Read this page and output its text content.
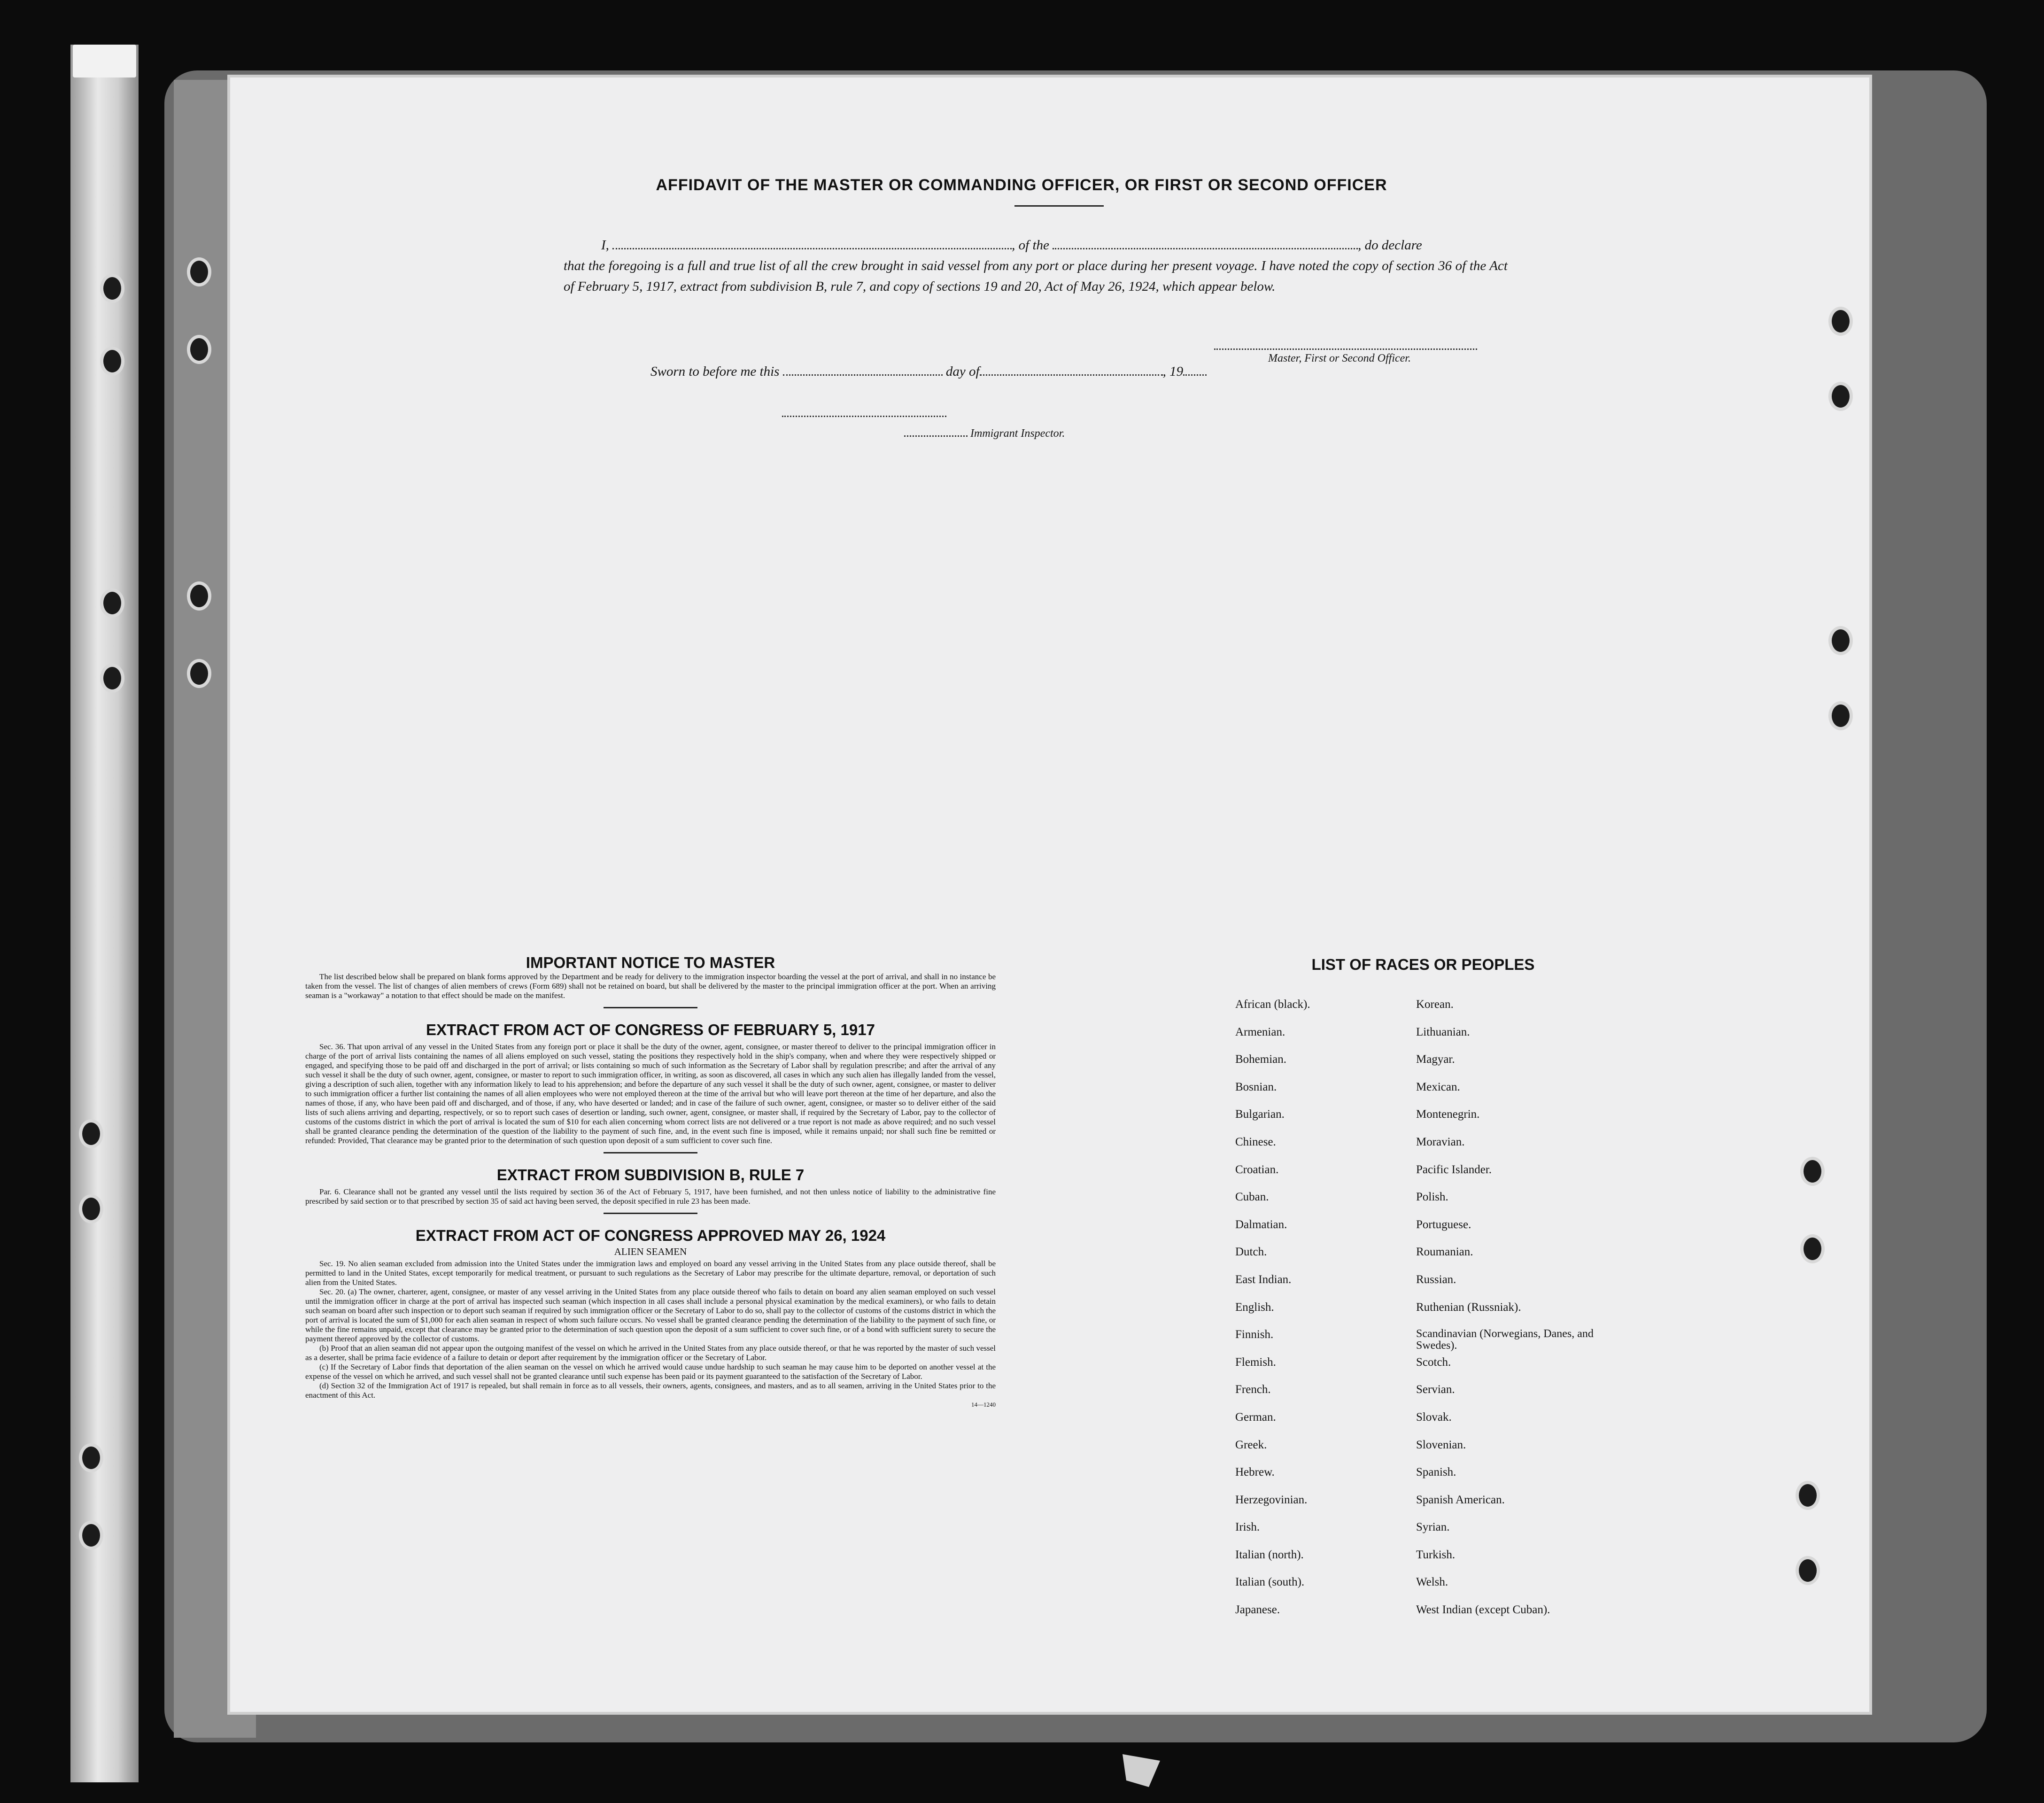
AFFIDAVIT OF THE MASTER OR COMMANDING OFFICER, OR FIRST OR SECOND OFFICER
I,	, of the	, do declare
that the foregoing is a full and true list of all the crew brought in said vessel from any port or place during her present voyage. I have noted the copy of section 36 of the Act of February 5, 1917, extract from subdivision B, rule 7, and copy of sections 19 and 20, Act of May 26, 1924, which appear below.
Master, First or Second Officer.
Sworn to before me this	day of	, 19
Immigrant Inspector.
IMPORTANT NOTICE TO MASTER

The list described below shall be prepared on blank forms approved by the Department and be ready for delivery to the immigration inspector boarding the vessel at the port of arrival, and shall in no instance be taken from the vessel. The list of changes of alien members of crews (Form 689) shall not be retained on board, but shall be delivered by the master to the principal immigration officer at the port. When an arriving seaman is a "workaway" a notation to that effect should be made on the manifest.

EXTRACT FROM ACT OF CONGRESS OF FEBRUARY 5, 1917

Sec. 36. That upon arrival of any vessel in the United States from any foreign port or place it shall be the duty of the owner, agent, consignee, or master thereof to deliver to the principal immigration officer in charge of the port of arrival lists containing the names of all aliens employed on such vessel, stating the positions they respectively hold in the ship's company, when and where they were respectively shipped or engaged, and specifying those to be paid off and discharged in the port of arrival; or lists containing so much of such information as the Secretary of Labor shall by regulation prescribe; and after the arrival of any such vessel it shall be the duty of such owner, agent, consignee, or master to report to such immigration officer, in writing, as soon as discovered, all cases in which any such alien has illegally landed from the vessel, giving a description of such alien, together with any information likely to lead to his apprehension; and before the departure of any such vessel it shall be the duty of such owner, agent, consignee, or master to deliver to such immigration officer a further list containing the names of all alien employees who were not employed thereon at the time of the arrival but who will leave port thereon at the time of her departure, and also the names of those, if any, who have been paid off and discharged, and of those, if any, who have deserted or landed; and in case of the failure of such owner, agent, consignee, or master so to deliver either of the said lists of such aliens arriving and departing, respectively, or so to report such cases of desertion or landing, such owner, agent, consignee, or master shall, if required by the Secretary of Labor, pay to the collector of customs of the customs district in which the port of arrival is located the sum of $10 for each alien concerning whom correct lists are not delivered or a true report is not made as above required; and no such vessel shall be granted clearance pending the determination of the question of the liability to the payment of such fine, and, in the event such fine is imposed, while it remains unpaid; nor shall such fine be remitted or refunded: Provided, That clearance may be granted prior to the determination of such question upon deposit of a sum sufficient to cover such fine.

EXTRACT FROM SUBDIVISION B, RULE 7

Par. 6. Clearance shall not be granted any vessel until the lists required by section 36 of the Act of February 5, 1917, have been furnished, and not then unless notice of liability to the administrative fine prescribed by said section or to that prescribed by section 35 of said act having been served, the deposit specified in rule 23 has been made.

EXTRACT FROM ACT OF CONGRESS APPROVED MAY 26, 1924
ALIEN SEAMEN

Sec. 19. No alien seaman excluded from admission into the United States under the immigration laws and employed on board any vessel arriving in the United States from any place outside thereof, shall be permitted to land in the United States, except temporarily for medical treatment, or pursuant to such regulations as the Secretary of Labor may prescribe for the ultimate departure, removal, or deportation of such alien from the United States.

Sec. 20. (a) The owner, charterer, agent, consignee, or master of any vessel arriving in the United States from any place outside thereof who fails to detain on board any alien seaman employed on such vessel until the immigration officer in charge at the port of arrival has inspected such seaman (which inspection in all cases shall include a personal physical examination by the medical examiners), or who fails to detain such seaman on board after such inspection or to deport such seaman if required by such immigration officer or the Secretary of Labor to do so, shall pay to the collector of customs of the customs district in which the port of arrival is located the sum of $1,000 for each alien seaman in respect of whom such failure occurs. No vessel shall be granted clearance pending the determination of the liability to the payment of such fine, or while the fine remains unpaid, except that clearance may be granted prior to the determination of such question upon the deposit of a sum sufficient to cover such fine, or of a bond with sufficient surety to secure the payment thereof approved by the collector of customs.

(b) Proof that an alien seaman did not appear upon the outgoing manifest of the vessel on which he arrived in the United States from any place outside thereof, or that he was reported by the master of such vessel as a deserter, shall be prima facie evidence of a failure to detain or deport after requirement by the immigration officer or the Secretary of Labor.

(c) If the Secretary of Labor finds that deportation of the alien seaman on the vessel on which he arrived would cause undue hardship to such seaman he may cause him to be deported on another vessel at the expense of the vessel on which he arrived, and such vessel shall not be granted clearance until such expense has been paid or its payment guaranteed to the satisfaction of the Secretary of Labor.

(d) Section 32 of the Immigration Act of 1917 is repealed, but shall remain in force as to all vessels, their owners, agents, consignees, and masters, and as to all seamen, arriving in the United States prior to the enactment of this Act.

14—1240
LIST OF RACES OR PEOPLES
African (black).	Korean.
Armenian.	Lithuanian.
Bohemian.	Magyar.
Bosnian.	Mexican.
Bulgarian.	Montenegrin.
Chinese.	Moravian.
Croatian.	Pacific Islander.
Cuban.	Polish.
Dalmatian.	Portuguese.
Dutch.	Roumanian.
East Indian.	Russian.
English.	Ruthenian (Russniak).
Finnish.	Scandinavian (Norwegians, Danes, and Swedes).
Flemish.	Scotch.
French.	Servian.
German.	Slovak.
Greek.	Slovenian.
Hebrew.	Spanish.
Herzegovinian.	Spanish American.
Irish.	Syrian.
Italian (north).	Turkish.
Italian (south).	Welsh.
Japanese.	West Indian (except Cuban).
